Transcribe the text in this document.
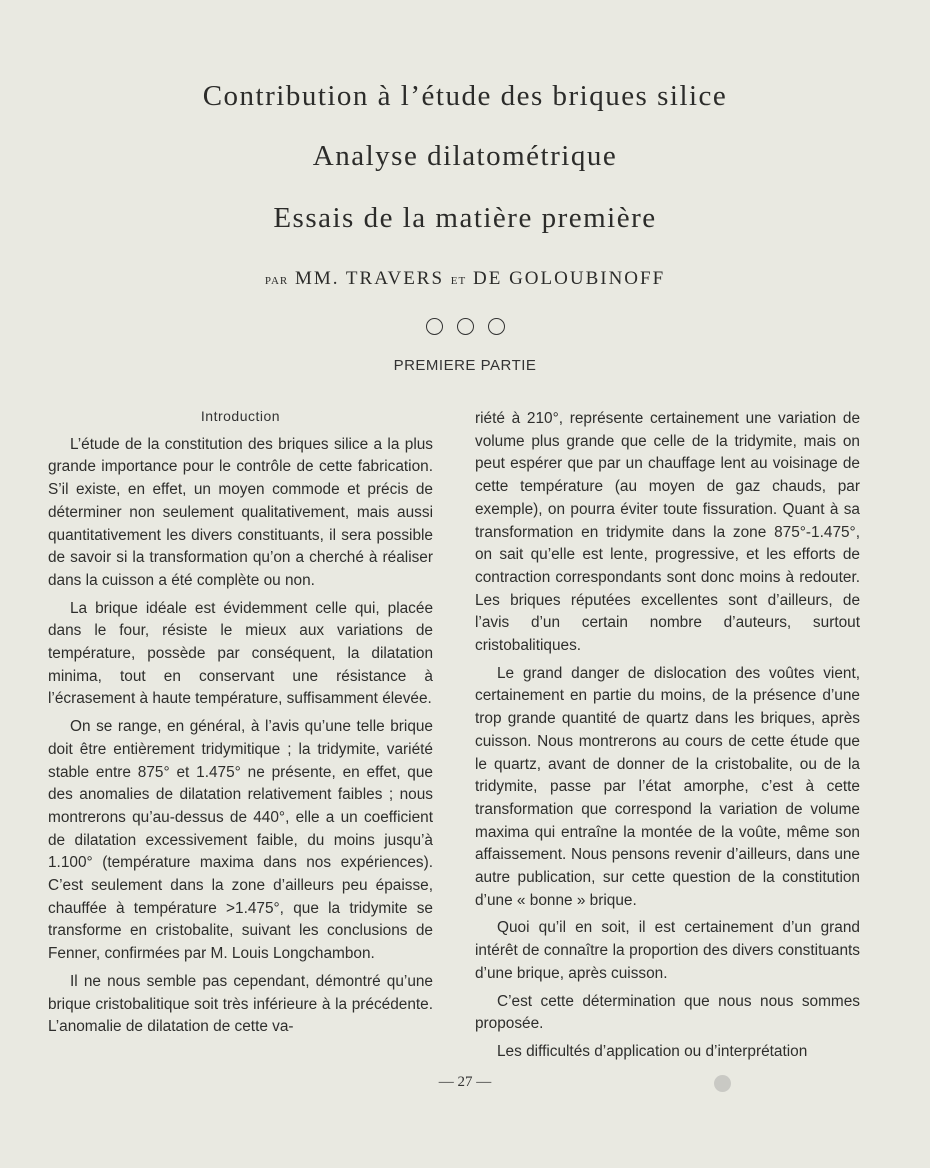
Contribution à l’étude des briques silice
Analyse dilatométrique
Essais de la matière première
PAR MM. TRAVERS ET DE GOLOUBINOFF
PREMIERE PARTIE
Introduction

L’étude de la constitution des briques silice a la plus grande importance pour le contrôle de cette fabrication. S’il existe, en effet, un moyen commode et précis de déterminer non seulement qualitativement, mais aussi quantitativement les divers constituants, il sera possible de savoir si la transformation qu’on a cherché à réaliser dans la cuisson a été complète ou non.

La brique idéale est évidemment celle qui, placée dans le four, résiste le mieux aux variations de température, possède par conséquent, la dilatation minima, tout en conservant une résistance à l’écrasement à haute température, suffisamment élevée.

On se range, en général, à l’avis qu’une telle brique doit être entièrement tridymitique ; la tridymite, variété stable entre 875° et 1.475° ne présente, en effet, que des anomalies de dilatation relativement faibles ; nous montrerons qu’au-dessus de 440°, elle a un coefficient de dilatation excessivement faible, du moins jusqu’à 1.100° (température maxima dans nos expériences). C’est seulement dans la zone d’ailleurs peu épaisse, chauffée à température >1.475°, que la tridymite se transforme en cristobalite, suivant les conclusions de Fenner, confirmées par M. Louis Longchambon.

Il ne nous semble pas cependant, démontré qu’une brique cristobalitique soit très inférieure à la précédente. L’anomalie de dilatation de cette va-

riété à 210°, représente certainement une variation de volume plus grande que celle de la tridymite, mais on peut espérer que par un chauffage lent au voisinage de cette température (au moyen de gaz chauds, par exemple), on pourra éviter toute fissuration. Quant à sa transformation en tridymite dans la zone 875°-1.475°, on sait qu’elle est lente, progressive, et les efforts de contraction correspondants sont donc moins à redouter. Les briques réputées excellentes sont d’ailleurs, de l’avis d’un certain nombre d’auteurs, surtout cristobalitiques.

Le grand danger de dislocation des voûtes vient, certainement en partie du moins, de la présence d’une trop grande quantité de quartz dans les briques, après cuisson. Nous montrerons au cours de cette étude que le quartz, avant de donner de la cristobalite, ou de la tridymite, passe par l’état amorphe, c’est à cette transformation que correspond la variation de volume maxima qui entraîne la montée de la voûte, même son affaissement. Nous pensons revenir d’ailleurs, dans une autre publication, sur cette question de la constitution d’une « bonne » brique.

Quoi qu’il en soit, il est certainement d’un grand intérêt de connaître la proportion des divers constituants d’une brique, après cuisson.

C’est cette détermination que nous nous sommes proposée.

Les difficultés d’application ou d’interprétation

— 27 —
